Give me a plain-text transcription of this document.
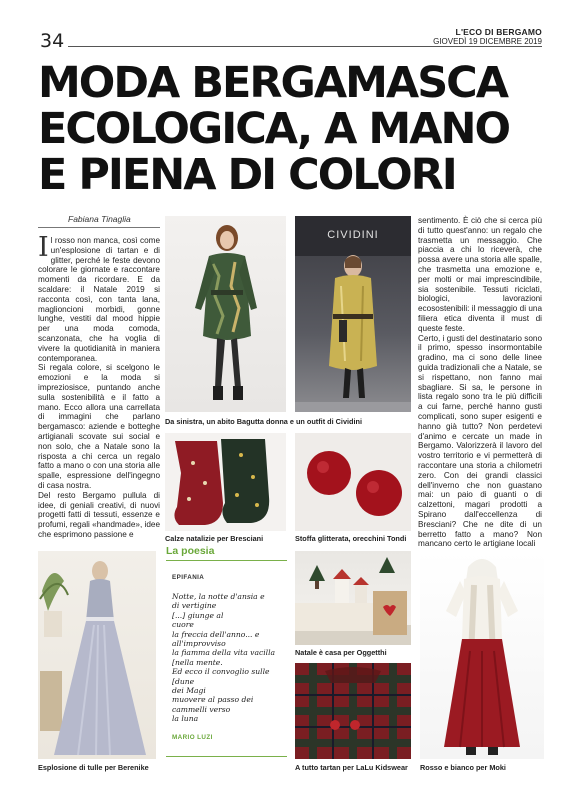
34	L'ECO DI BERGAMO
GIOVEDÌ 19 DICEMBRE 2019
MODA BERGAMASCA
ECOLOGICA, A MANO
E PIENA DI COLORI
Fabiana Tinaglia

Il rosso non manca, così come un'esplosione di tartan e di glitter, perché le feste devono colorare le giornate e raccontare momenti da ricordare. E da scaldare: il Natale 2019 si racconta così, con tanta lana, maglioncioni morbidi, gonne lunghe, vestiti dal mood hippie per una moda comoda, scanzonata, che ha voglia di vivere la quotidianità in maniera contemporanea.

Si regala colore, si scelgono le emozioni e la moda si impreziosisce, puntando anche sulla sostenibilità e il fatto a mano. Ecco allora una carrellata di immagini che parlano bergamasco: aziende e botteghe artigianali scovate sui social e non solo, che a Natale sono la risposta a chi cerca un regalo fatto a mano o con una storia alle spalle, espressione dell'ingegno di casa nostra.

Del resto Bergamo pullula di idee, di geniali creativi, di nuovi progetti fatti di tessuti, essenze e profumi, regali «handmade», idee che esprimono passione e

sentimento. È ciò che si cerca più di tutto quest'anno: un regalo che trasmetta un messaggio. Che piaccia a chi lo riceverà, che possa avere una storia alle spalle, che trasmetta una emozione e, per molti or mai imprescindibile, sia sostenibile. Tessuti riciclati, biologici, lavorazioni ecosostenibili: il messaggio di una filiera etica diventa il must di queste feste.

Certo, i gusti del destinatario sono il primo, spesso insormontabile gradino, ma ci sono delle linee guida tradizionali che a Natale, se si rispettano, non fanno mai sbagliare. Si sa, le persone in lista regalo sono tra le più difficili a cui farne, perché hanno gusti complicati, sono super esigenti e hanno già tutto? Non perdetevi d'animo e cercate un made in Bergamo. Valorizzerà il lavoro del vostro territorio e vi permetterà di raccontare una storia a chilometri zero. Con dei grandi classici dell'inverno che non guastano mai: un paio di guanti o di calzettoni, magari prodotti a Spirano dall'eccellenza di Bresciani? Che ne dite di un berretto fatto a mano? Non mancano certo le artigiane locali

CIVIDINI
Da sinistra, un abito Bagutta donna e un outfit di Cividini
Calze natalizie per Bresciani	Stoffa glitterata, orecchini Tondi
Esplosione di tulle per Berenike
La poesia
EPIFANIA
Notte, la notte d'ansia e
di vertigine
[...] giunge al
cuore
la freccia dell'anno... e
all'improvviso
la fiamma della vita vacilla
[nella mente.
Ed ecco il convoglio sulle
[dune
dei Magi
muovere al passo dei
cammelli verso
la luna
MARIO LUZI
Natale è casa per Oggetthi
A tutto tartan per LaLu Kidswear Rosso e bianco per Moki
